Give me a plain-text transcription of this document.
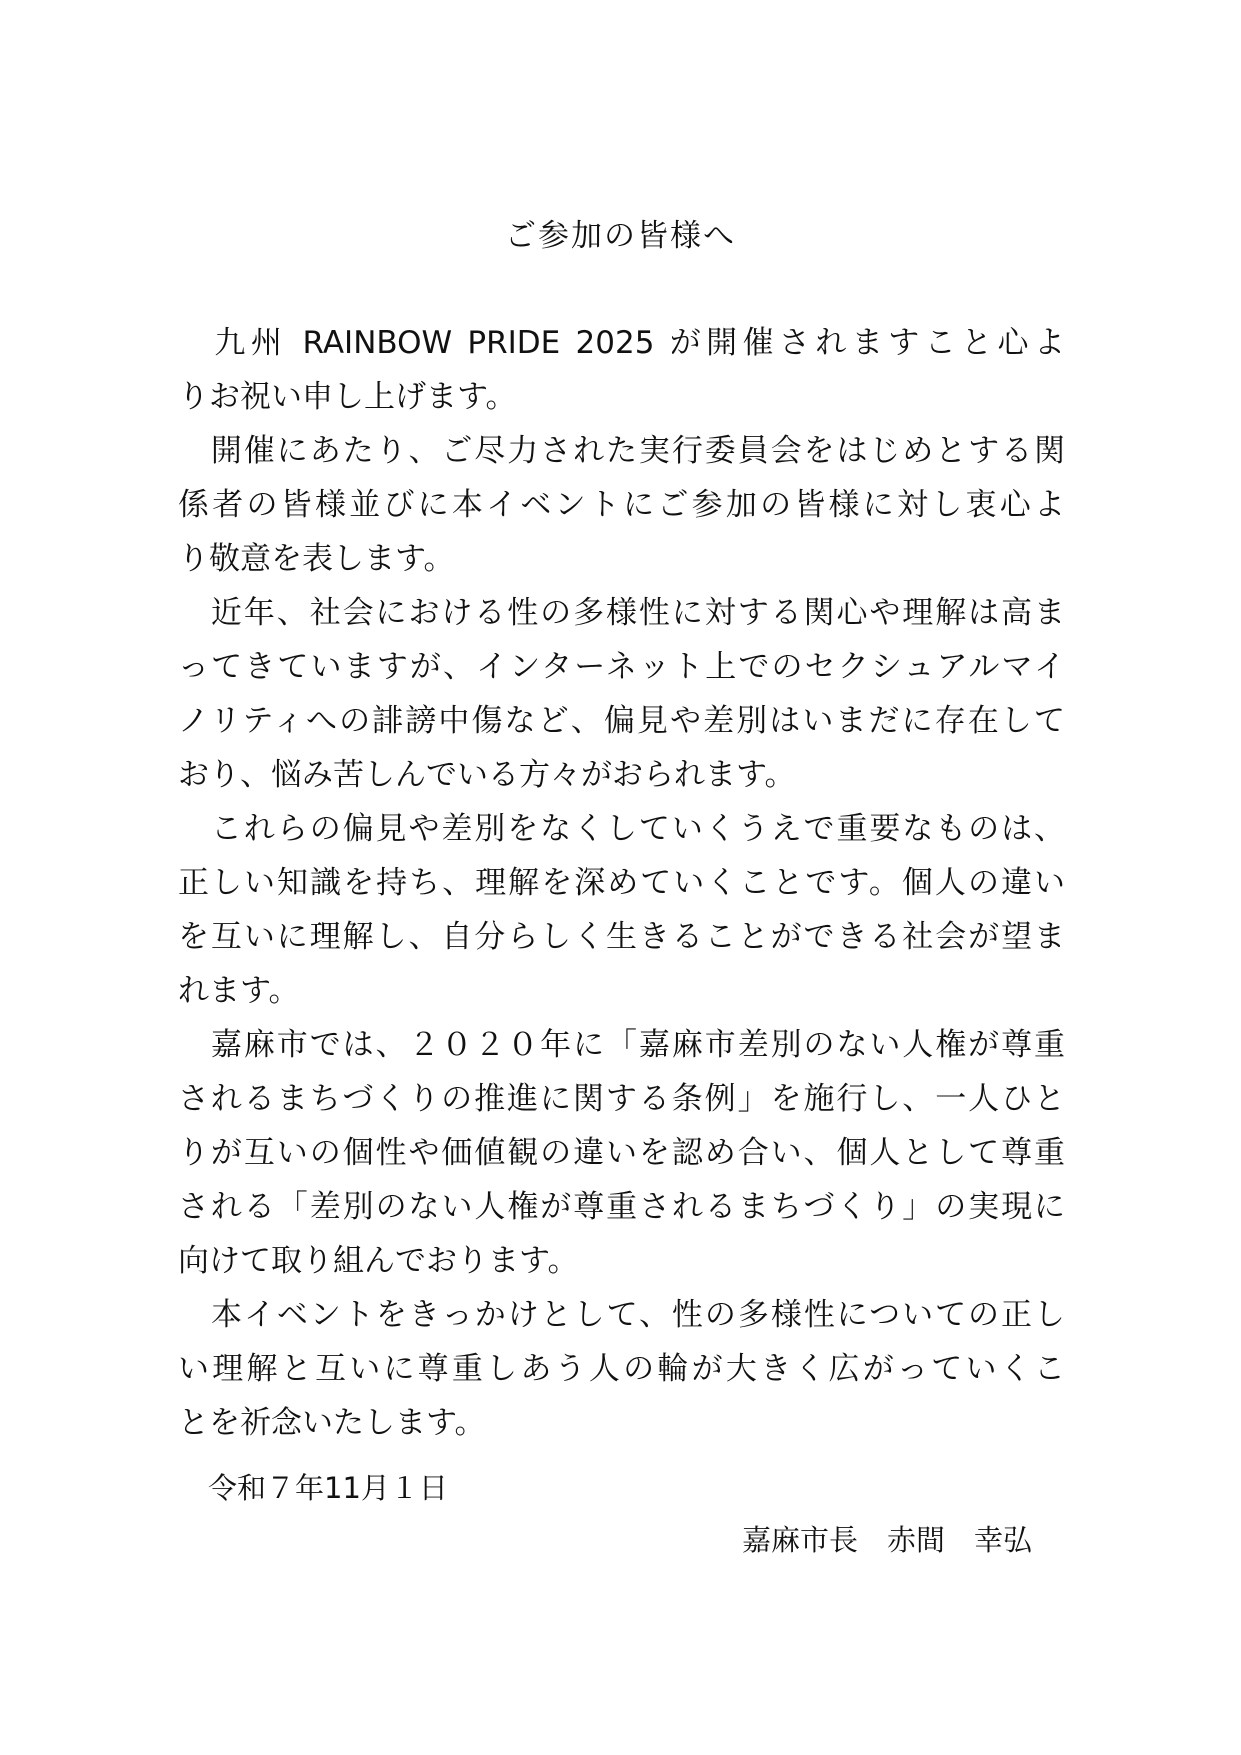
ご参加の皆様へ
　九州 RAINBOW PRIDE 2025 が開催されますこと心よ
りお祝い申し上げます。
　開催にあたり、ご尽力された実行委員会をはじめとする関
係者の皆様並びに本イベントにご参加の皆様に対し衷心よ
り敬意を表します。
　近年、社会における性の多様性に対する関心や理解は高ま
ってきていますが、インターネット上でのセクシュアルマイ
ノリティへの誹謗中傷など、偏見や差別はいまだに存在して
おり、悩み苦しんでいる方々がおられます。
　これらの偏見や差別をなくしていくうえで重要なものは、
正しい知識を持ち、理解を深めていくことです。個人の違い
を互いに理解し、自分らしく生きることができる社会が望ま
れます。
　嘉麻市では、２０２０年に「嘉麻市差別のない人権が尊重
されるまちづくりの推進に関する条例」を施行し、一人ひと
りが互いの個性や価値観の違いを認め合い、個人として尊重
される「差別のない人権が尊重されるまちづくり」の実現に
向けて取り組んでおります。
　本イベントをきっかけとして、性の多様性についての正し
い理解と互いに尊重しあう人の輪が大きく広がっていくこ
とを祈念いたします。
令和７年11月１日
嘉麻市長　赤間　幸弘
